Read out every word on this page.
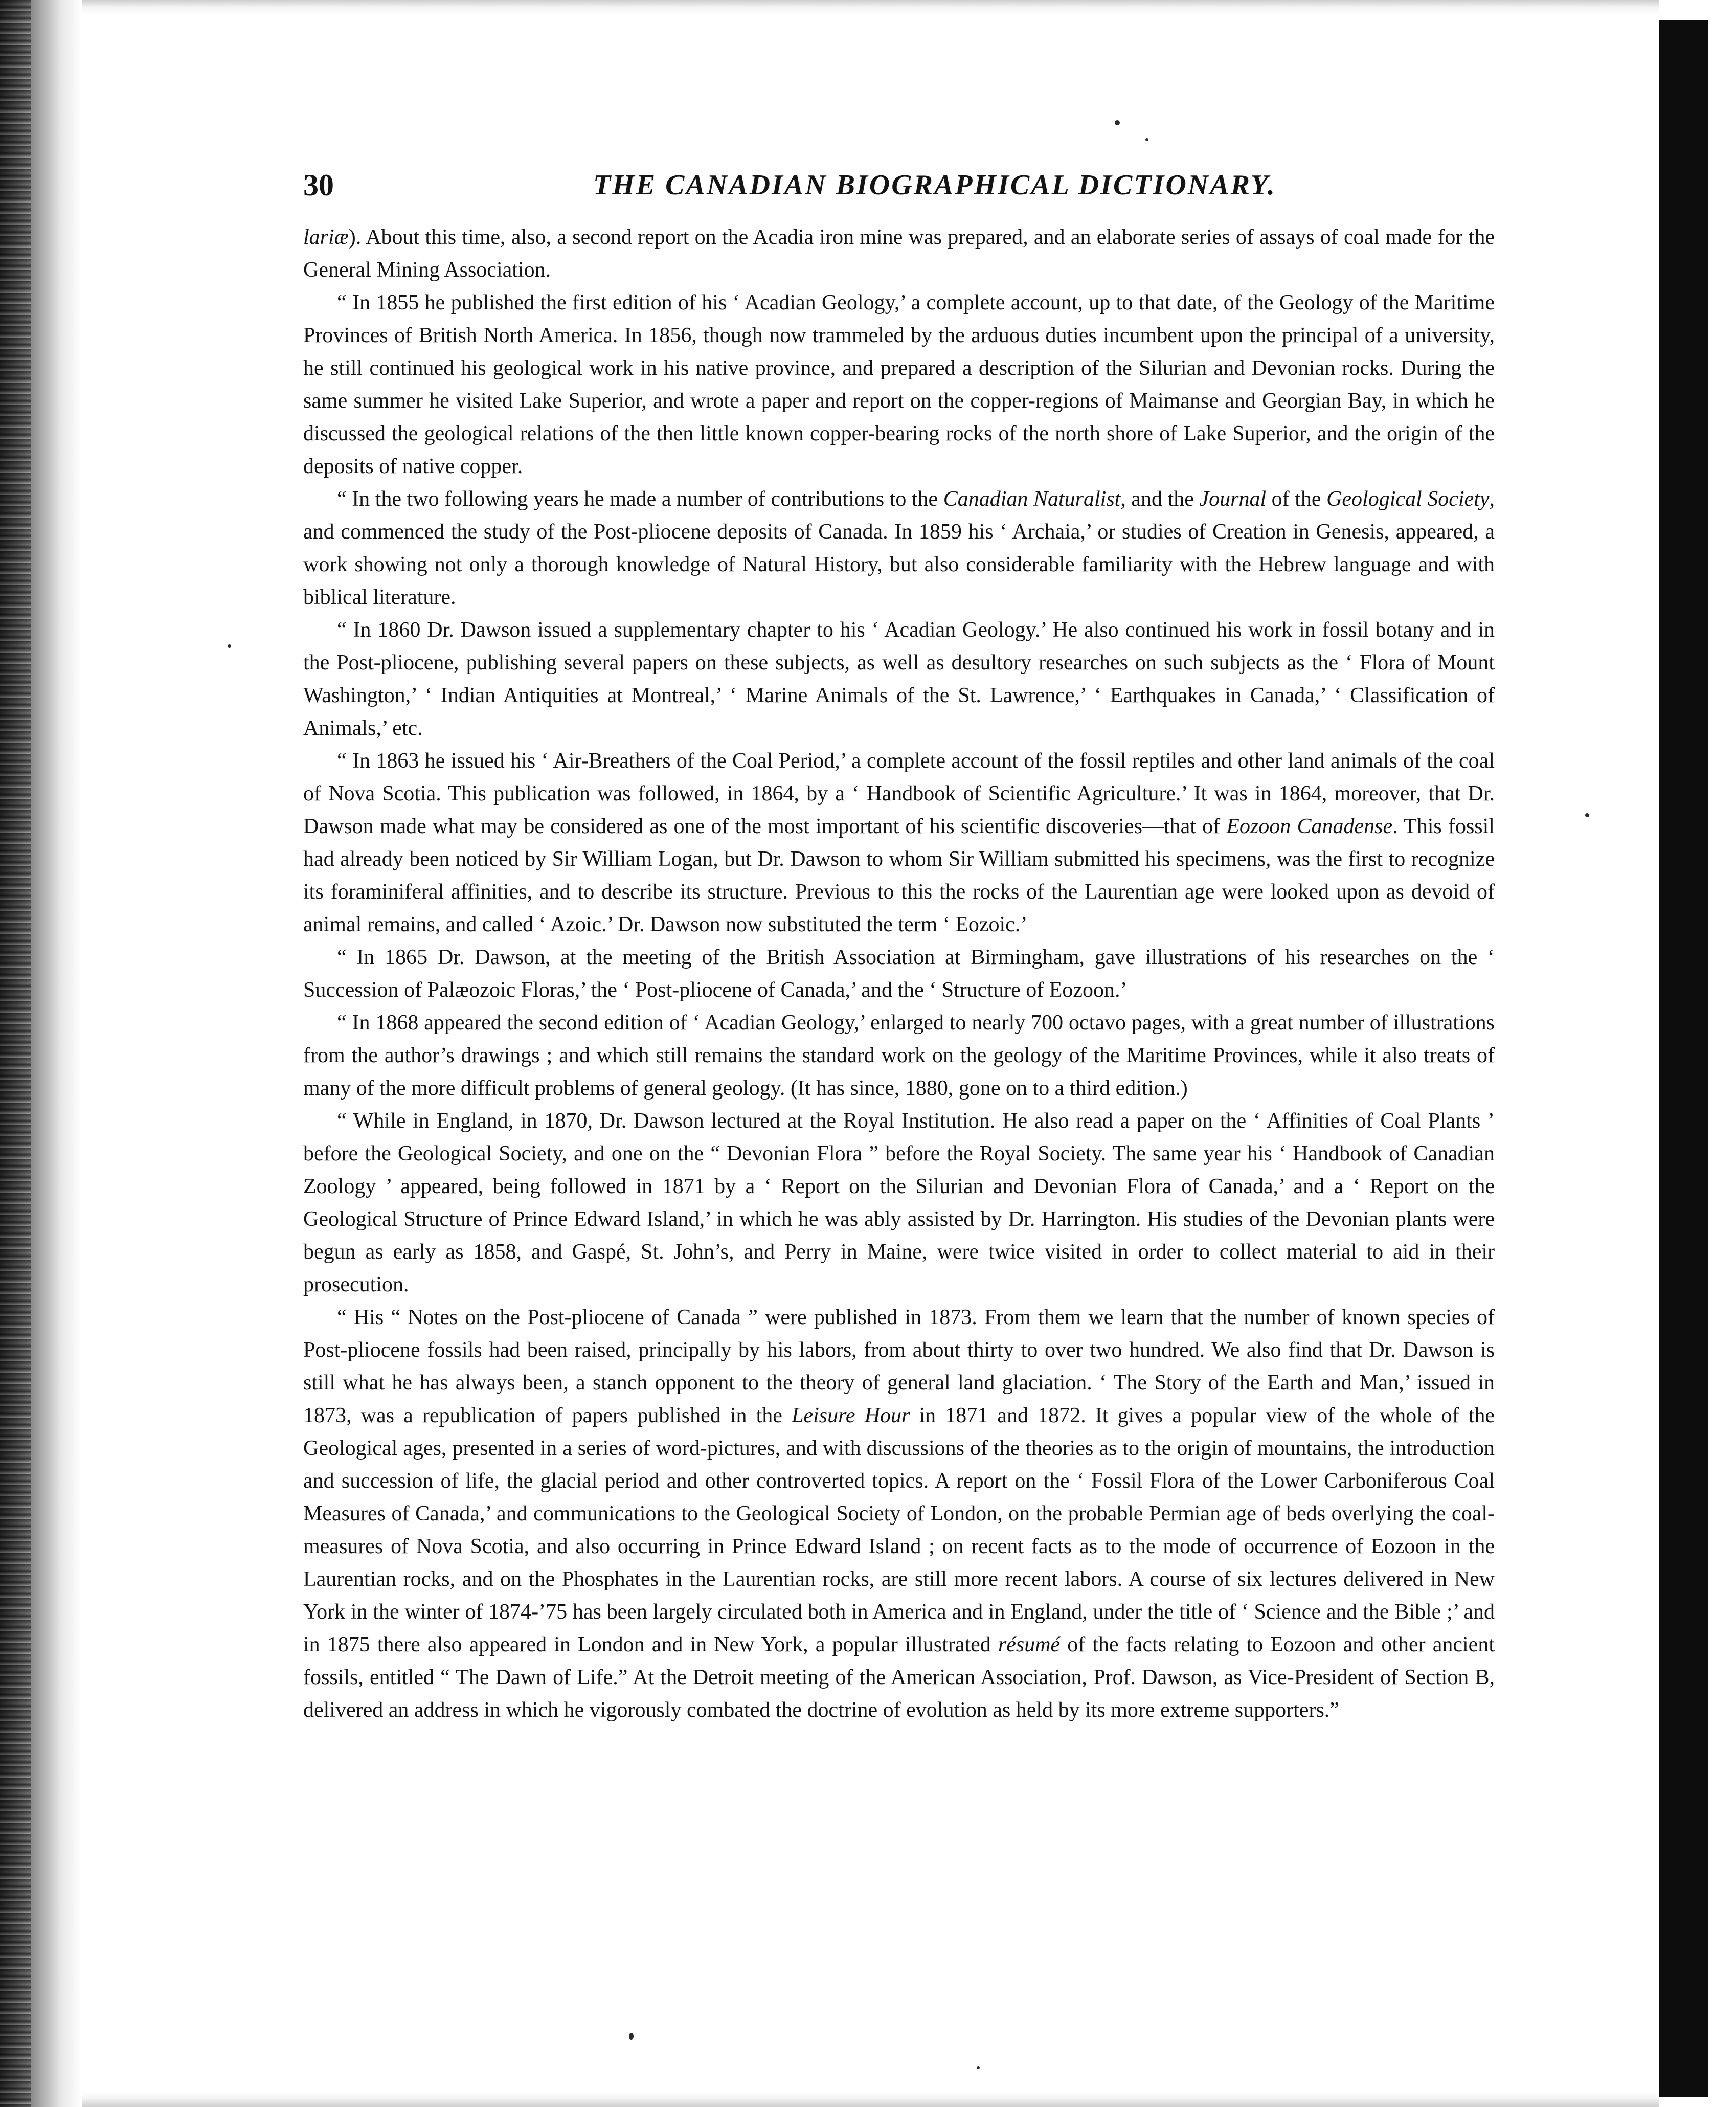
30	THE CANADIAN BIOGRAPHICAL DICTIONARY.

lariæ). About this time, also, a second report on the Acadia iron mine was prepared, and an elaborate series of assays of coal made for the General Mining Association.

“ In 1855 he published the first edition of his ‘ Acadian Geology,’ a complete account, up to that date, of the Geology of the Maritime Provinces of British North America. In 1856, though now trammeled by the arduous duties incumbent upon the principal of a university, he still continued his geological work in his native province, and prepared a description of the Silurian and Devonian rocks. During the same summer he visited Lake Superior, and wrote a paper and report on the copper-regions of Maimanse and Georgian Bay, in which he discussed the geological relations of the then little known copper-bearing rocks of the north shore of Lake Superior, and the origin of the deposits of native copper.

“ In the two following years he made a number of contributions to the Canadian Naturalist, and the Journal of the Geological Society, and commenced the study of the Post-pliocene deposits of Canada. In 1859 his ‘ Archaia,’ or studies of Creation in Genesis, appeared, a work showing not only a thorough knowledge of Natural History, but also considerable familiarity with the Hebrew language and with biblical literature.

“ In 1860 Dr. Dawson issued a supplementary chapter to his ‘ Acadian Geology.’ He also continued his work in fossil botany and in the Post-pliocene, publishing several papers on these subjects, as well as desultory researches on such subjects as the ‘ Flora of Mount Washington,’ ‘ Indian Antiquities at Montreal,’ ‘ Marine Animals of the St. Lawrence,’ ‘ Earthquakes in Canada,’ ‘ Classification of Animals,’ etc.

“ In 1863 he issued his ‘ Air-Breathers of the Coal Period,’ a complete account of the fossil reptiles and other land animals of the coal of Nova Scotia. This publication was followed, in 1864, by a ‘ Handbook of Scientific Agriculture.’ It was in 1864, moreover, that Dr. Dawson made what may be considered as one of the most important of his scientific discoveries—that of Eozoon Canadense. This fossil had already been noticed by Sir William Logan, but Dr. Dawson to whom Sir William submitted his specimens, was the first to recognize its foraminiferal affinities, and to describe its structure. Previous to this the rocks of the Laurentian age were looked upon as devoid of animal remains, and called ‘ Azoic.’ Dr. Dawson now substituted the term ‘ Eozoic.’

“ In 1865 Dr. Dawson, at the meeting of the British Association at Birmingham, gave illustrations of his researches on the ‘ Succession of Palæozoic Floras,’ the ‘ Post-pliocene of Canada,’ and the ‘ Structure of Eozoon.’

“ In 1868 appeared the second edition of ‘ Acadian Geology,’ enlarged to nearly 700 octavo pages, with a great number of illustrations from the author’s drawings ; and which still remains the standard work on the geology of the Maritime Provinces, while it also treats of many of the more difficult problems of general geology. (It has since, 1880, gone on to a third edition.)

“ While in England, in 1870, Dr. Dawson lectured at the Royal Institution. He also read a paper on the ‘ Affinities of Coal Plants ’ before the Geological Society, and one on the “ Devonian Flora ” before the Royal Society. The same year his ‘ Handbook of Canadian Zoology ’ appeared, being followed in 1871 by a ‘ Report on the Silurian and Devonian Flora of Canada,’ and a ‘ Report on the Geological Structure of Prince Edward Island,’ in which he was ably assisted by Dr. Harrington. His studies of the Devonian plants were begun as early as 1858, and Gaspé, St. John’s, and Perry in Maine, were twice visited in order to collect material to aid in their prosecution.

“ His “ Notes on the Post-pliocene of Canada ” were published in 1873. From them we learn that the number of known species of Post-pliocene fossils had been raised, principally by his labors, from about thirty to over two hundred. We also find that Dr. Dawson is still what he has always been, a stanch opponent to the theory of general land glaciation. ‘ The Story of the Earth and Man,’ issued in 1873, was a republication of papers published in the Leisure Hour in 1871 and 1872. It gives a popular view of the whole of the Geological ages, presented in a series of word-pictures, and with discussions of the theories as to the origin of mountains, the introduction and succession of life, the glacial period and other controverted topics. A report on the ‘ Fossil Flora of the Lower Carboniferous Coal Measures of Canada,’ and communications to the Geological Society of London, on the probable Permian age of beds overlying the coal-measures of Nova Scotia, and also occurring in Prince Edward Island ; on recent facts as to the mode of occurrence of Eozoon in the Laurentian rocks, and on the Phosphates in the Laurentian rocks, are still more recent labors. A course of six lectures delivered in New York in the winter of 1874-’75 has been largely circulated both in America and in England, under the title of ‘ Science and the Bible ;’ and in 1875 there also appeared in London and in New York, a popular illustrated résumé of the facts relating to Eozoon and other ancient fossils, entitled “ The Dawn of Life.” At the Detroit meeting of the American Association, Prof. Dawson, as Vice-President of Section B, delivered an address in which he vigorously combated the doctrine of evolution as held by its more extreme supporters.”
